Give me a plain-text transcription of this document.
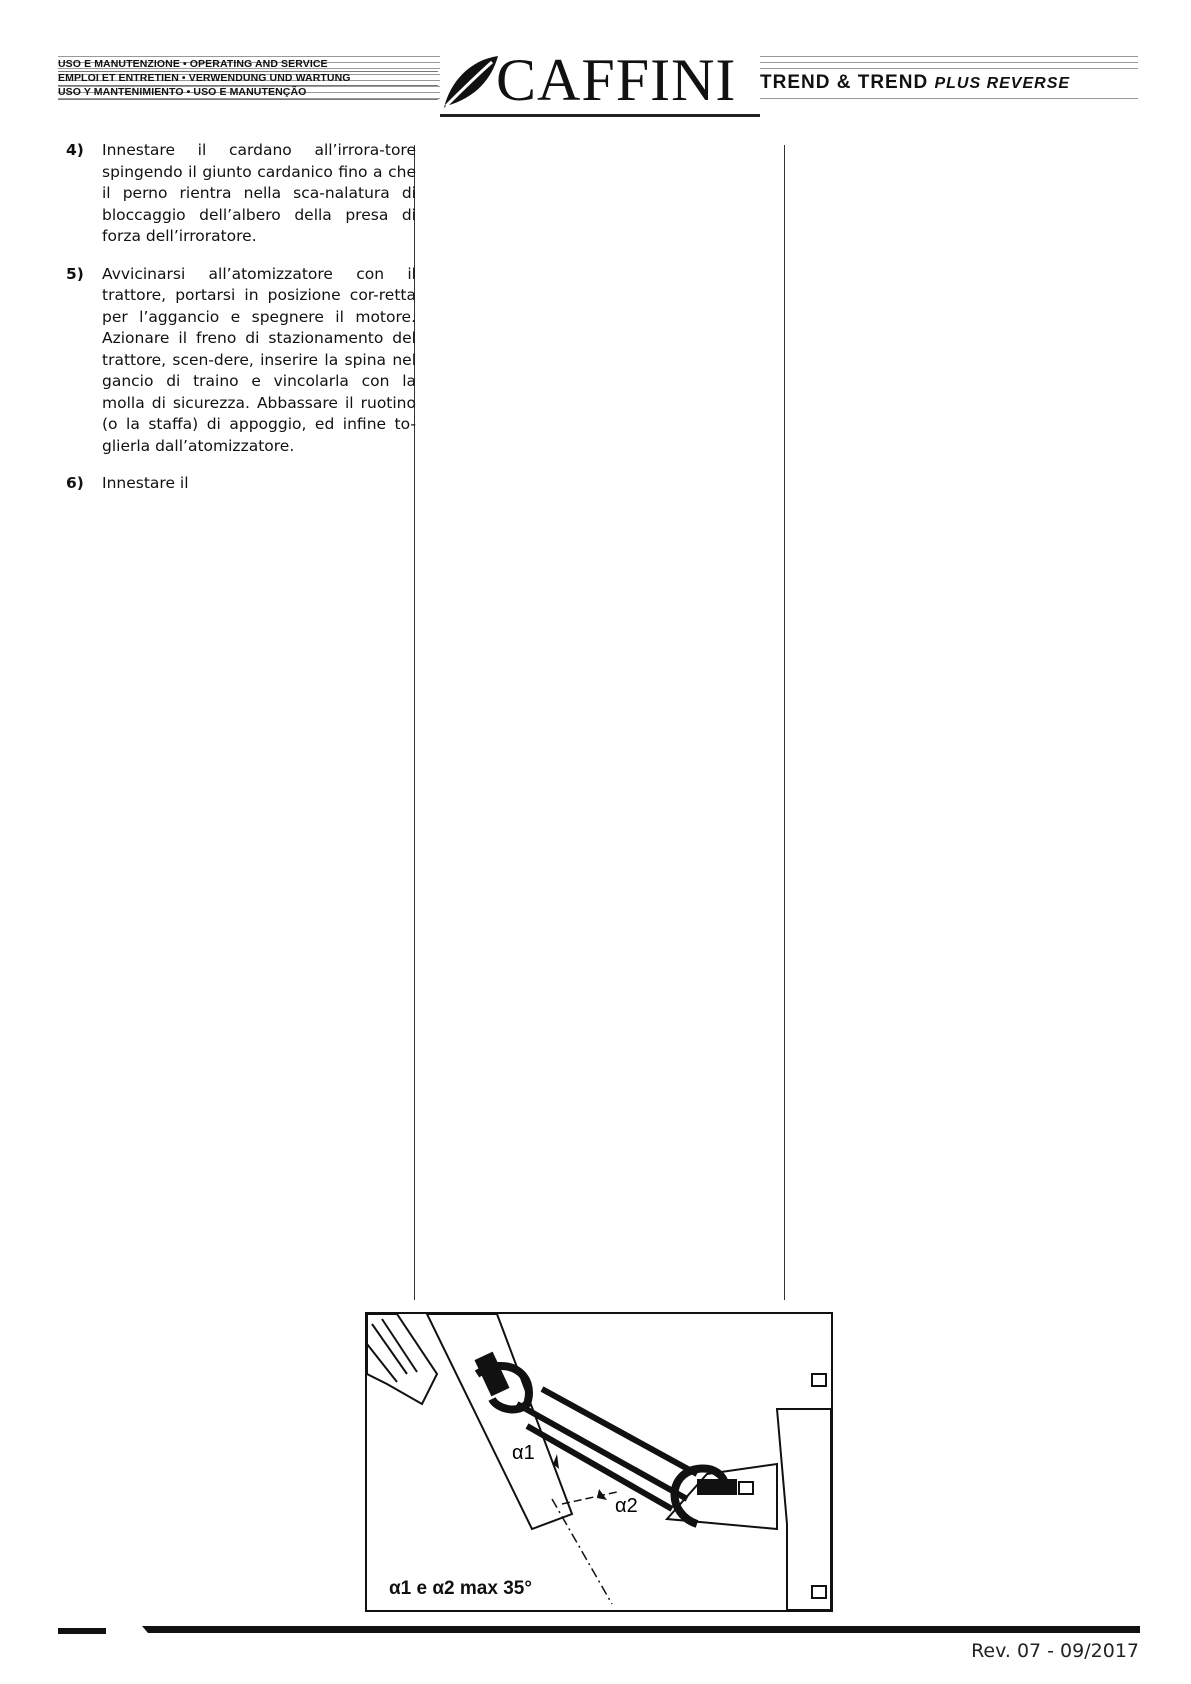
USO E MANUTENZIONE • OPERATING AND SERVICE
EMPLOI ET ENTRETIEN • VERWENDUNG UND WARTUNG
USO Y MANTENIMIENTO • USO E MANUTENÇÃO	CAFFINI TREND & TREND PLUS REVERSE
4) Innestare il cardano all’irrora-tore spingendo il giunto cardanico fino a che il perno rientra nella sca-nalatura di bloccaggio dell’albero della presa di forza dell’irroratore.
5) Avvicinarsi all’atomizzatore con il trattore, portarsi in posizione cor-retta per l’aggancio e spegnere il motore. Azionare il freno di stazionamento del trattore, scen-dere, inserire la spina nel gancio di traino e vincolarla con la molla di sicurezza. Abbassare il ruotino (o la staffa) di appoggio, ed infine to-glierla dall’atomizzatore.
6) Innestare il
α1
α2
α1 e α2 max 35°
Rev. 07 - 09/2017
